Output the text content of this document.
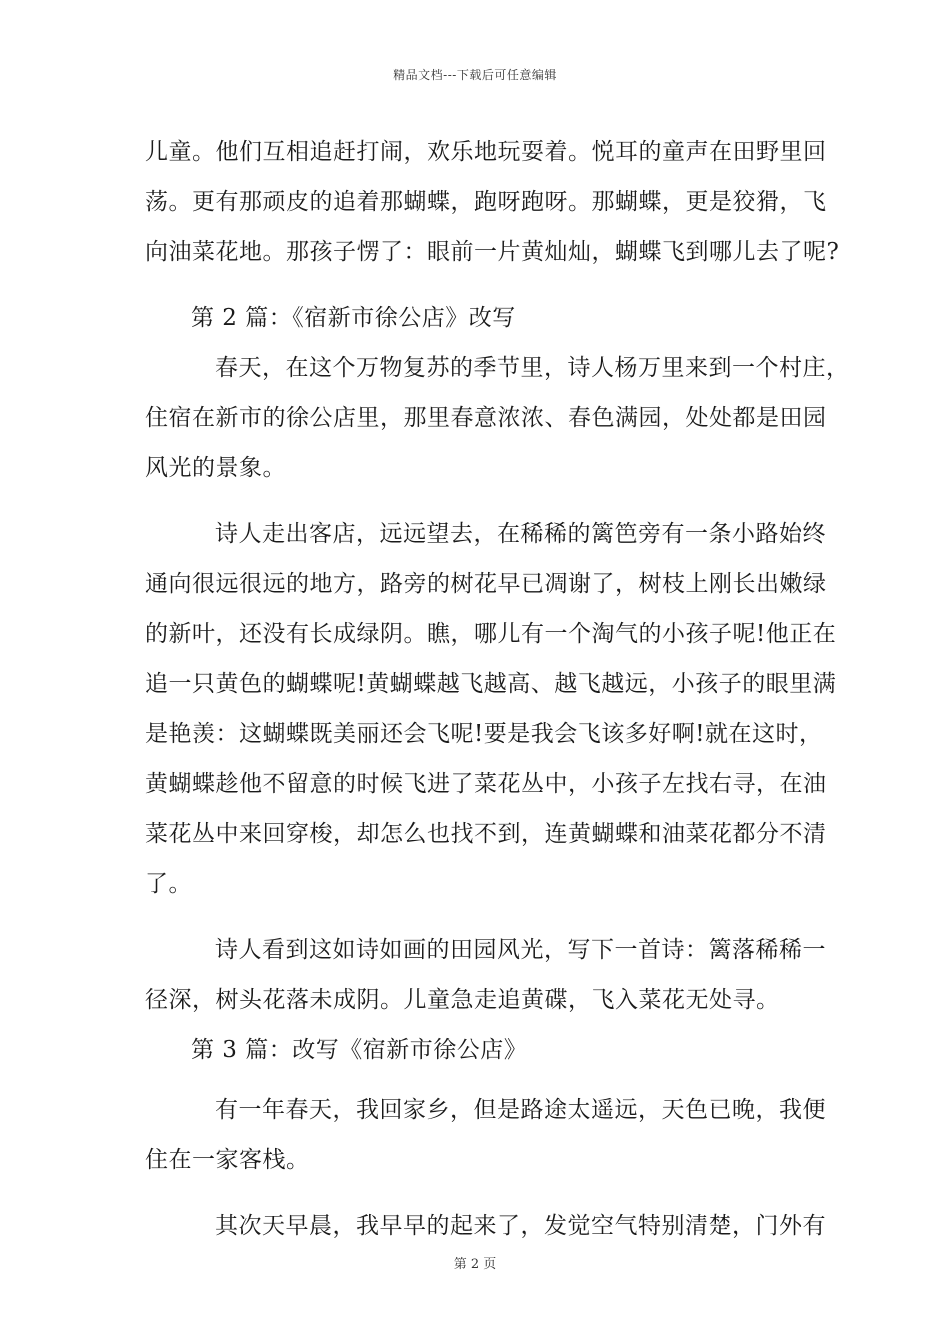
精品文档---下载后可任意编辑
儿童。他们互相追赶打闹，欢乐地玩耍着。悦耳的童声在田野里回
荡。更有那顽皮的追着那蝴蝶，跑呀跑呀。那蝴蝶，更是狡猾，飞
向油菜花地。那孩子愣了：眼前一片黄灿灿，蝴蝶飞到哪儿去了呢?
第 2 篇：《宿新市徐公店》改写
春天，在这个万物复苏的季节里，诗人杨万里来到一个村庄，
住宿在新市的徐公店里，那里春意浓浓、春色满园，处处都是田园
风光的景象。
诗人走出客店，远远望去，在稀稀的篱笆旁有一条小路始终
通向很远很远的地方，路旁的树花早已凋谢了，树枝上刚长出嫩绿
的新叶，还没有长成绿阴。瞧，哪儿有一个淘气的小孩子呢!他正在
追一只黄色的蝴蝶呢!黄蝴蝶越飞越高、越飞越远，小孩子的眼里满
是艳羡：这蝴蝶既美丽还会飞呢!要是我会飞该多好啊!就在这时，
黄蝴蝶趁他不留意的时候飞进了菜花丛中，小孩子左找右寻，在油
菜花丛中来回穿梭，却怎么也找不到，连黄蝴蝶和油菜花都分不清
了。
诗人看到这如诗如画的田园风光，写下一首诗：篱落稀稀一
径深，树头花落未成阴。儿童急走追黄碟，飞入菜花无处寻。
第 3 篇：改写《宿新市徐公店》
有一年春天，我回家乡，但是路途太遥远，天色已晚，我便
住在一家客栈。
其次天早晨，我早早的起来了，发觉空气特别清楚，门外有
第 2 页
